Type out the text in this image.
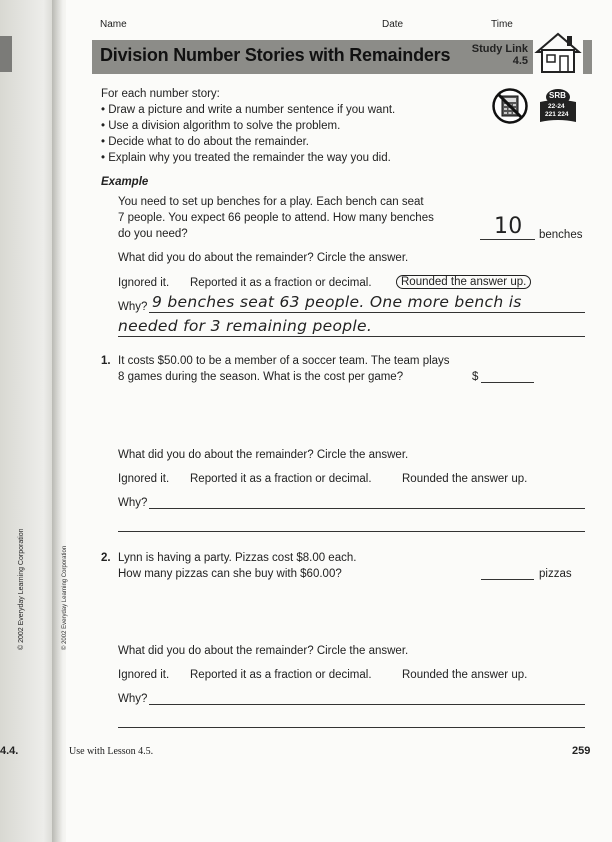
© 2002 Everyday Learning Corporation
4.4.
© 2002 Everyday Learning Corporation
Name	Date	Time
Division Number Stories with Remainders	Study Link
4.5
SRB
22-24
221 224
For each number story:
• Draw a picture and write a number sentence if you want.
• Use a division algorithm to solve the problem.
• Decide what to do about the remainder.
• Explain why you treated the remainder the way you did.
Example
You need to set up benches for a play. Each bench can seat
7 people. You expect 66 people to attend. How many benches
do you need?	10 benches
What did you do about the remainder? Circle the answer.
Ignored it. Reported it as a fraction or decimal.	Rounded the answer up.
Why? 9 benches seat 63 people. One more bench is
needed for 3 remaining people.
1. It costs $50.00 to be a member of a soccer team. The team plays
8 games during the season. What is the cost per game?	$
What did you do about the remainder? Circle the answer.
Ignored it. Reported it as a fraction or decimal.	Rounded the answer up.
Why?
2. Lynn is having a party. Pizzas cost $8.00 each.
How many pizzas can she buy with $60.00?	pizzas
What did you do about the remainder? Circle the answer.
Ignored it. Reported it as a fraction or decimal.	Rounded the answer up.
Why?
Use with Lesson 4.5.	259
